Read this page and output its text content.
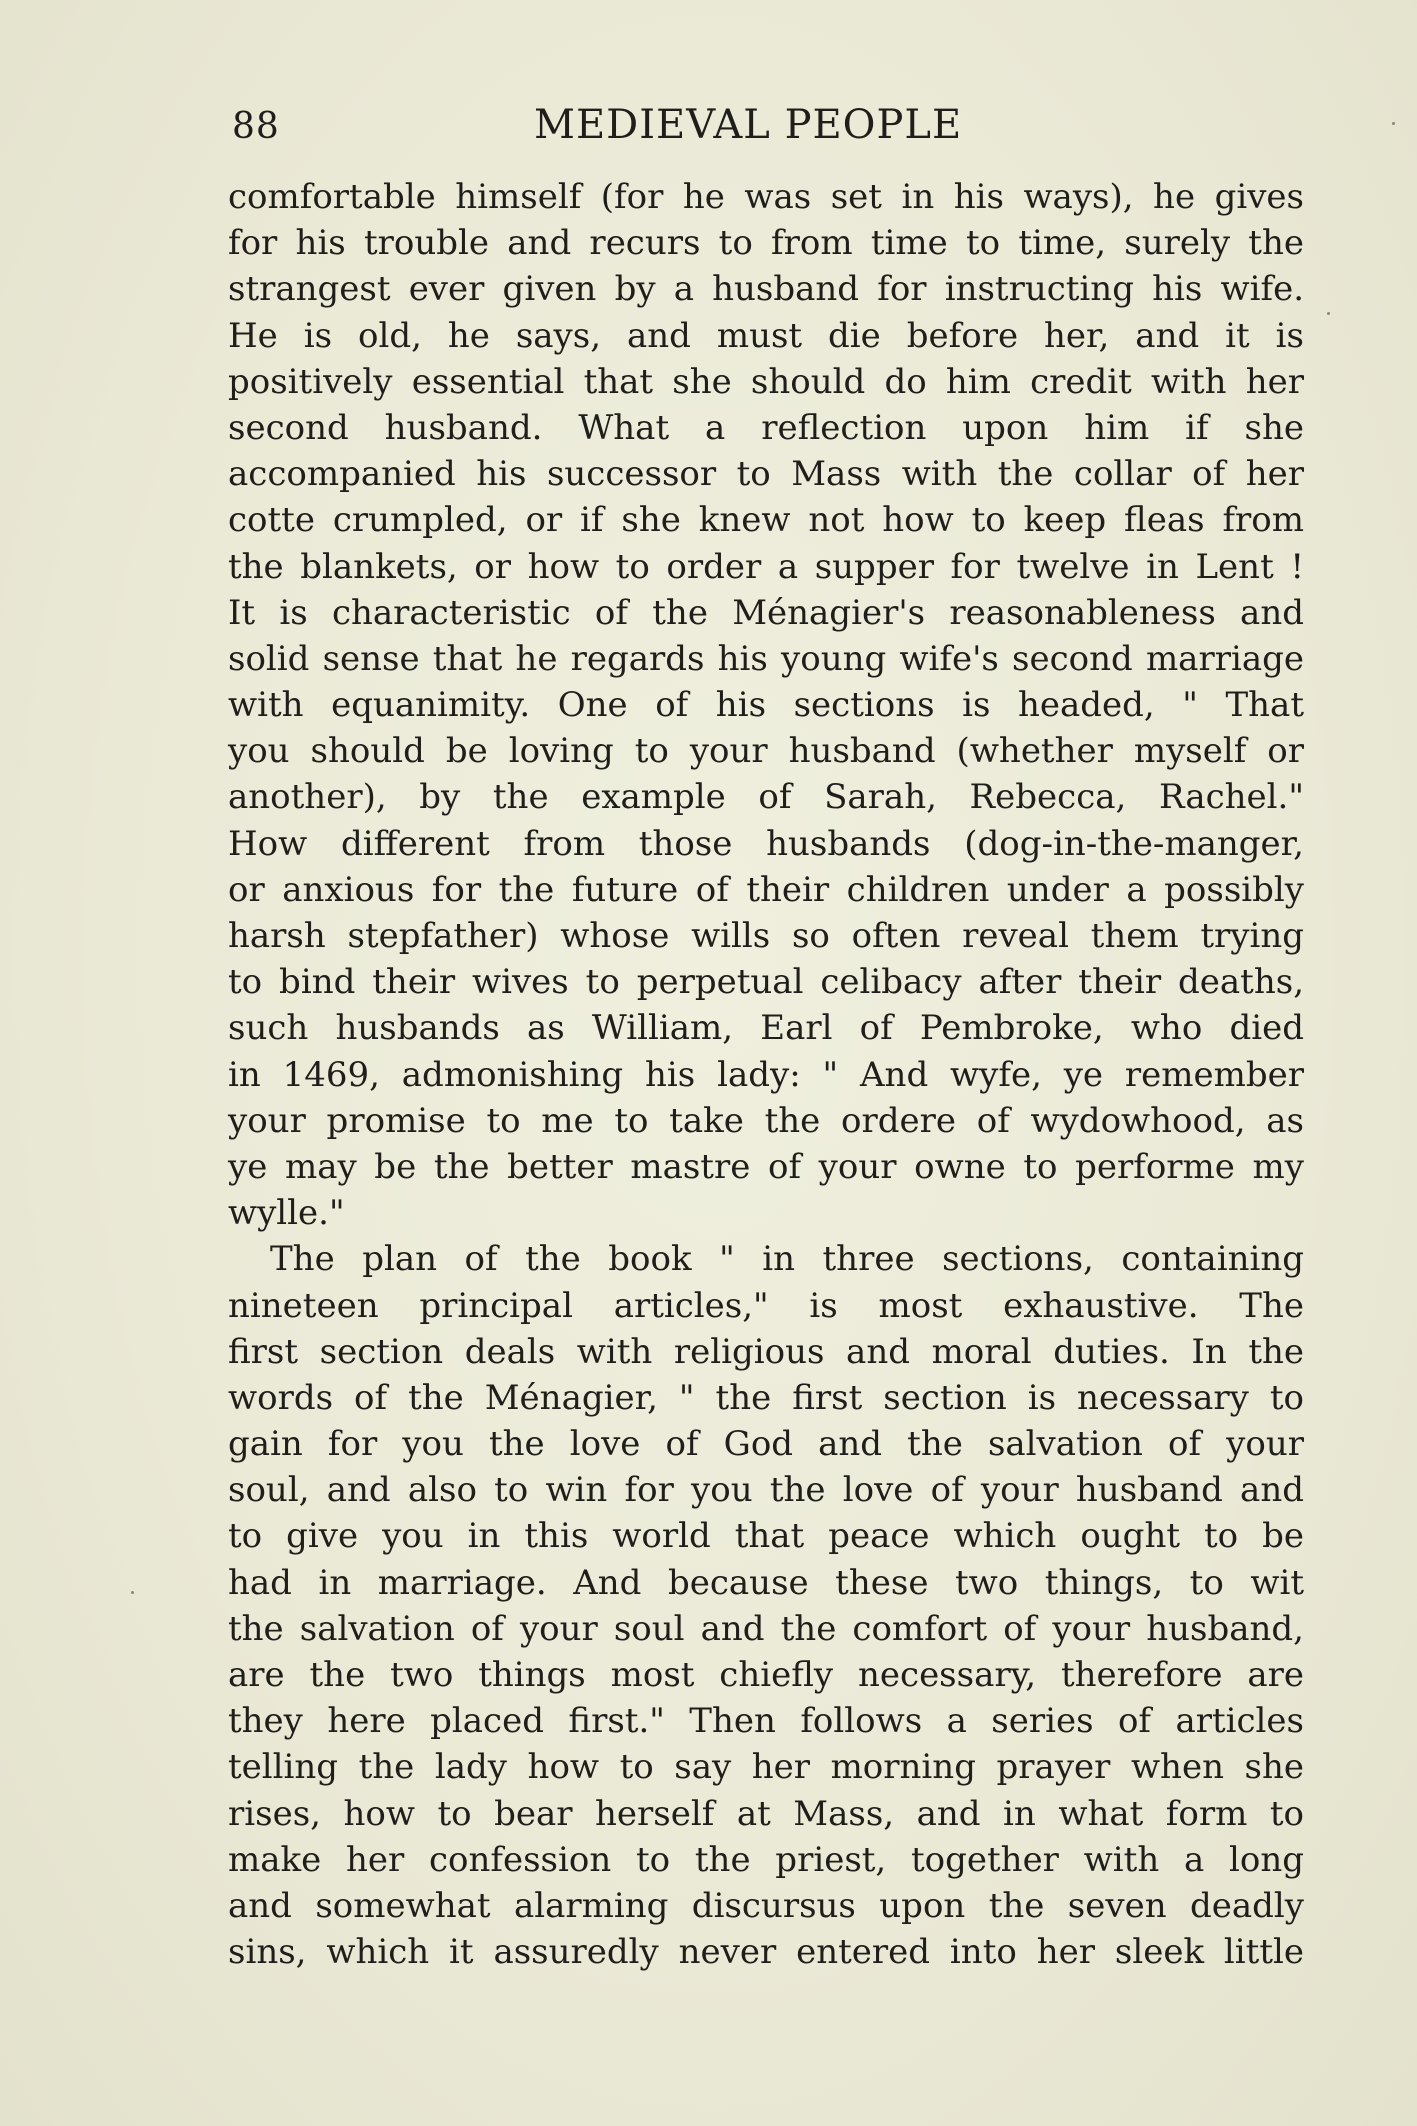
88	MEDIEVAL PEOPLE
comfortable himself (for he was set in his ways), he gives
for his trouble and recurs to from time to time, surely the
strangest ever given by a husband for instructing his wife.
He is old, he says, and must die before her, and it is
positively essential that she should do him credit with her
second husband. What a reflection upon him if she
accompanied his successor to Mass with the collar of her
cotte crumpled, or if she knew not how to keep fleas from
the blankets, or how to order a supper for twelve in Lent !
It is characteristic of the Ménagier's reasonableness and
solid sense that he regards his young wife's second marriage
with equanimity. One of his sections is headed, " That
you should be loving to your husband (whether myself or
another), by the example of Sarah, Rebecca, Rachel."
How different from those husbands (dog-in-the-manger,
or anxious for the future of their children under a possibly
harsh stepfather) whose wills so often reveal them trying
to bind their wives to perpetual celibacy after their deaths,
such husbands as William, Earl of Pembroke, who died
in 1469, admonishing his lady: " And wyfe, ye remember
your promise to me to take the ordere of wydowhood, as
ye may be the better mastre of your owne to performe my
wylle."
The plan of the book " in three sections, containing
nineteen principal articles," is most exhaustive. The
first section deals with religious and moral duties. In the
words of the Ménagier, " the first section is necessary to
gain for you the love of God and the salvation of your
soul, and also to win for you the love of your husband and
to give you in this world that peace which ought to be
had in marriage. And because these two things, to wit
the salvation of your soul and the comfort of your husband,
are the two things most chiefly necessary, therefore are
they here placed first." Then follows a series of articles
telling the lady how to say her morning prayer when she
rises, how to bear herself at Mass, and in what form to
make her confession to the priest, together with a long
and somewhat alarming discursus upon the seven deadly
sins, which it assuredly never entered into her sleek little
